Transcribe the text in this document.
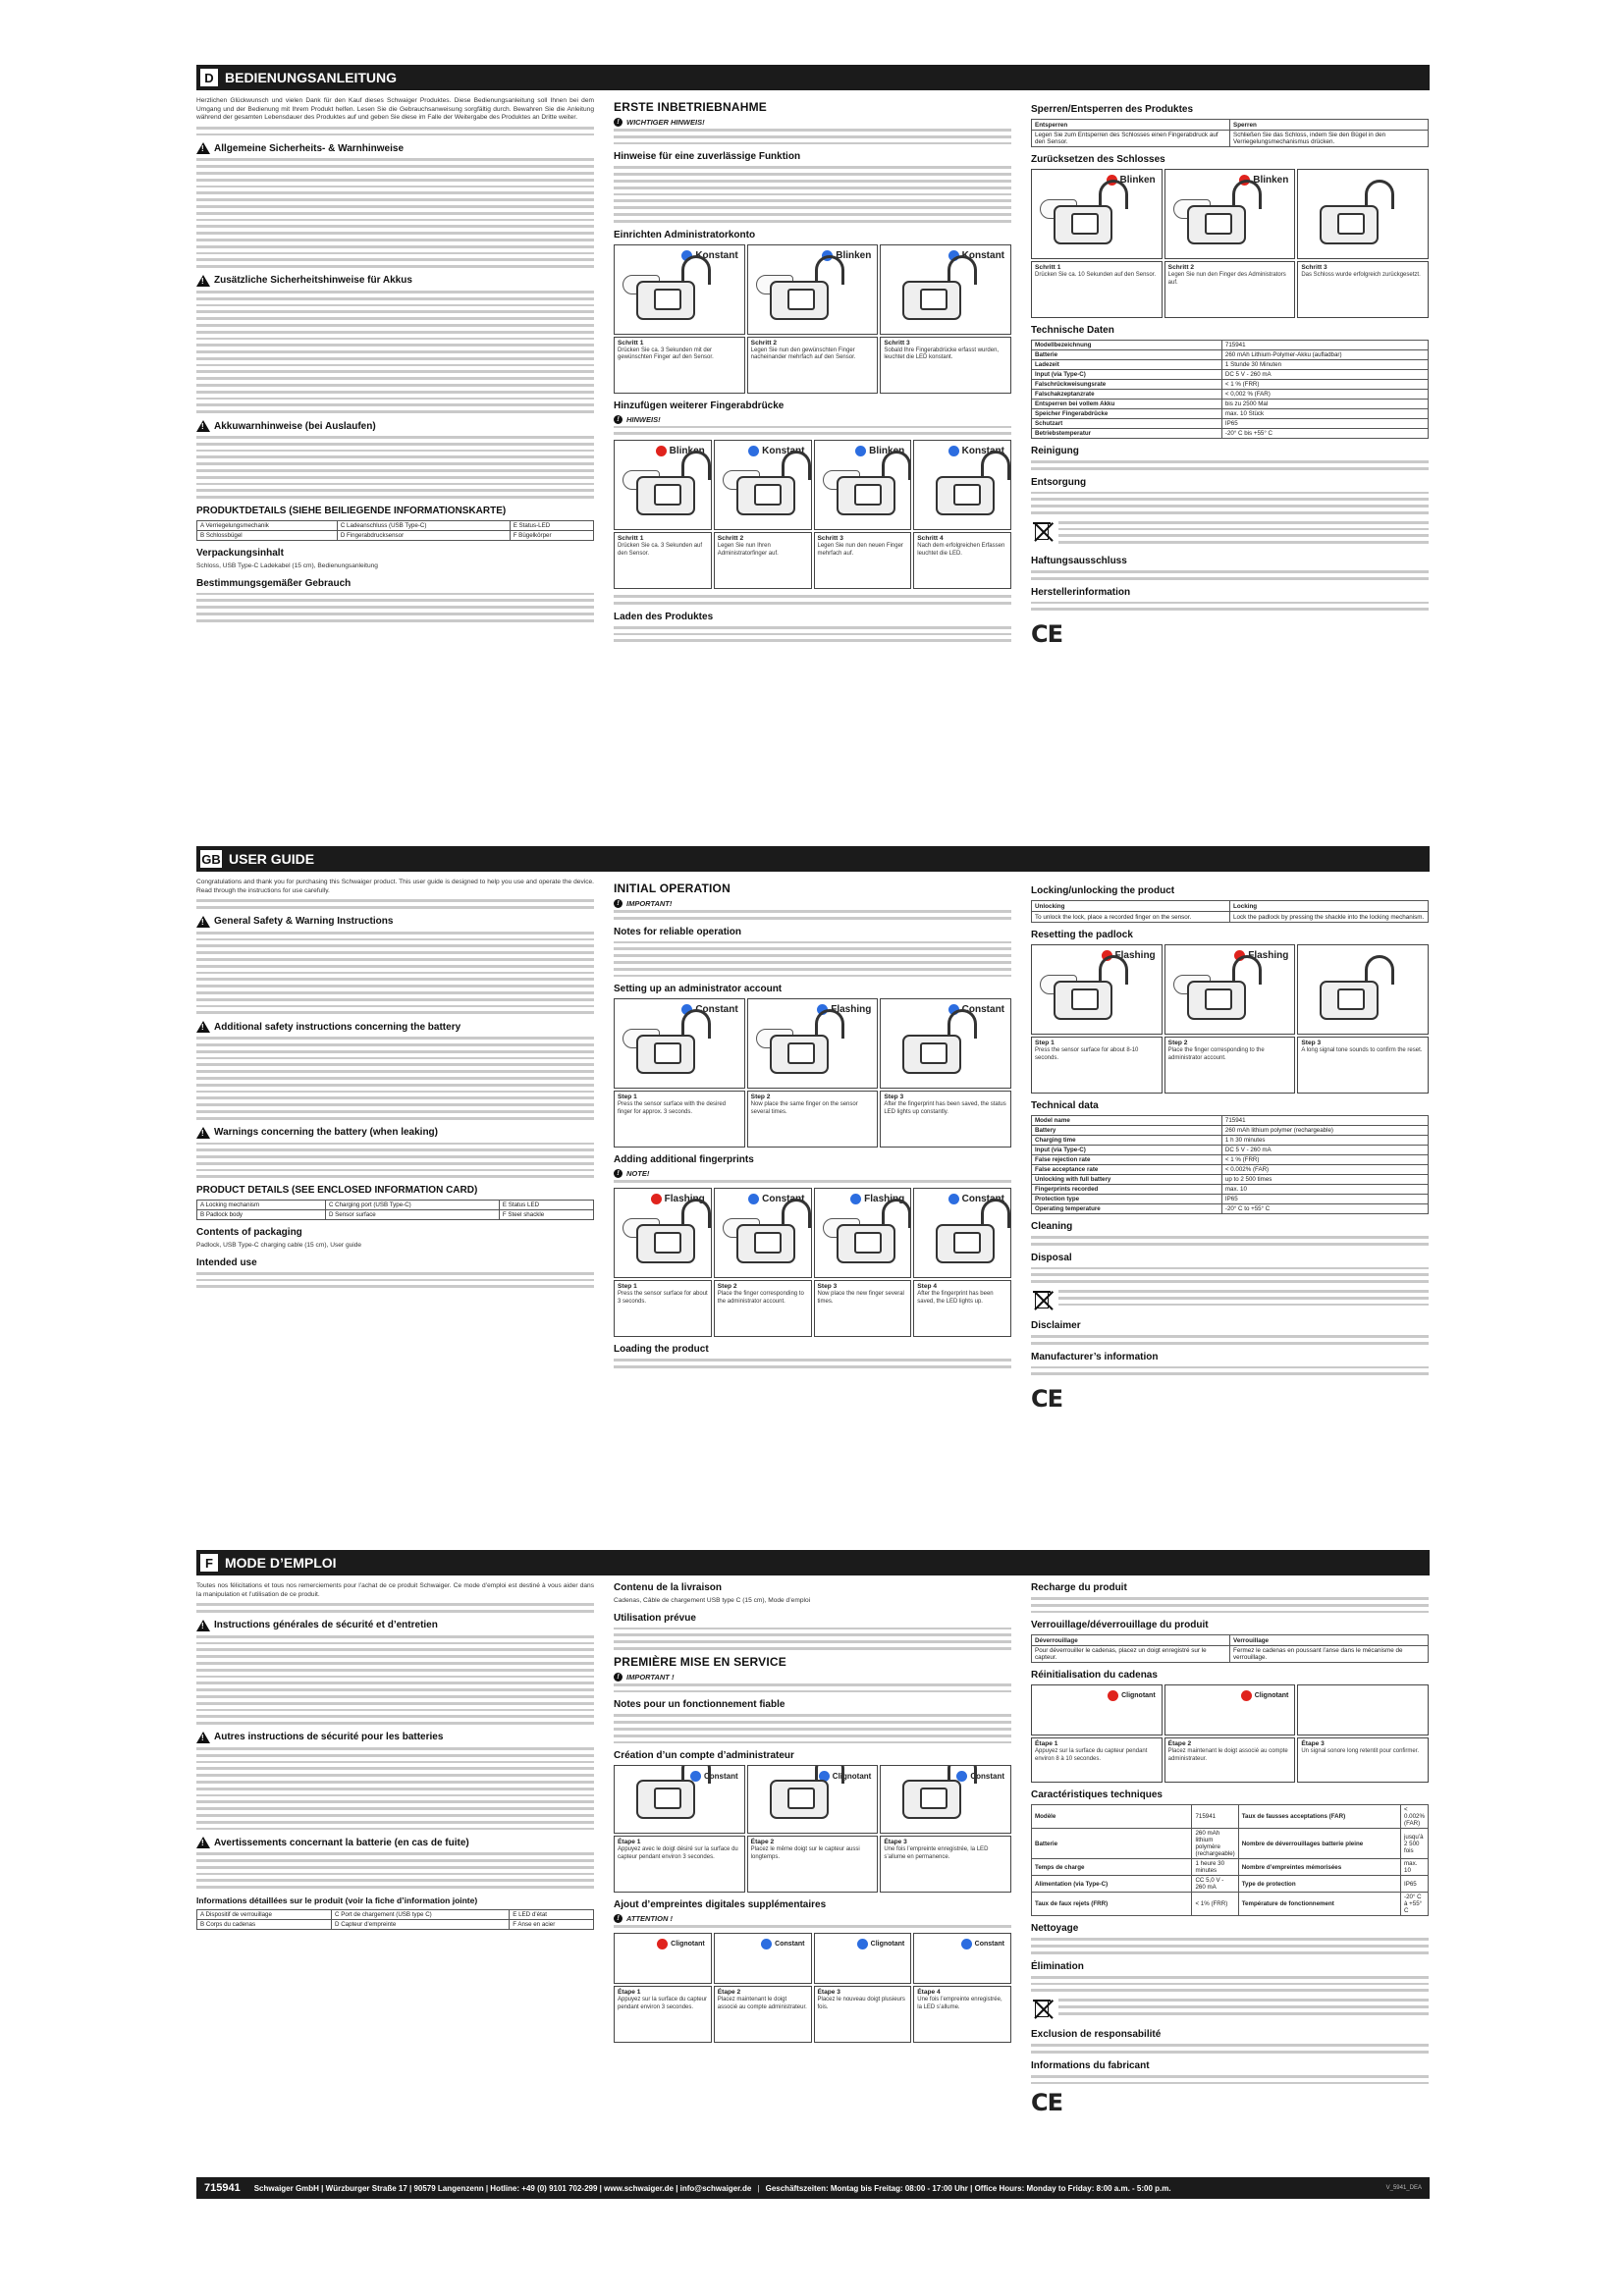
D BEDIENUNGSANLEITUNG
Herzlichen Glückwunsch und vielen Dank für den Kauf dieses Schwaiger Produktes. Diese Bedienungsanleitung soll Ihnen bei dem Umgang und der Bedienung mit Ihrem Produkt helfen. Lesen Sie die Gebrauchsanweisung sorgfältig durch. Bewahren Sie die Anleitung während der gesamten Lebensdauer des Produktes auf und geben Sie diese im Falle der Weitergabe des Produktes an Dritte weiter.
!
Allgemeine Sicherheits- & Warnhinweise
!
Zusätzliche Sicherheitshinweise für Akkus
!
Akkuwarnhinweise (bei Auslaufen)
PRODUKTDETAILS (SIEHE BEILIEGENDE INFORMATIONSKARTE)
A Verriegelungsmechanik	C Ladeanschluss (USB Type-C)	E Status-LED
B Schlossbügel	D Fingerabdrucksensor	F Bügelkörper
Verpackungsinhalt
Schloss, USB Type-C Ladekabel (15 cm), Bedienungsanleitung
Bestimmungsgemäßer Gebrauch
ERSTE INBETRIEBNAHME
! WICHTIGER HINWEIS!
Hinweise für eine zuverlässige Funktion
Einrichten Administratorkonto
Konstant	Blinken	Konstant
Schritt 1
Drücken Sie ca. 3 Sekunden mit der gewünschten Finger auf den Sensor.
Schritt 2
Legen Sie nun den gewünschten Finger nacheinander mehrfach auf den Sensor.
Schritt 3
Sobald Ihre Fingerabdrücke erfasst wurden, leuchtet die LED konstant.
Hinzufügen weiterer Fingerabdrücke
! HINWEIS!
Blinken	Konstant	Blinken	Konstant
Schritt 1
Drücken Sie ca. 3 Sekunden auf den Sensor.
Schritt 2
Legen Sie nun Ihren Administratorfinger auf.
Schritt 3
Legen Sie nun den neuen Finger mehrfach auf.
Schritt 4
Nach dem erfolgreichen Erfassen leuchtet die LED.
Laden des Produktes
Sperren/Entsperren des Produktes
Entsperren	Sperren
Legen Sie zum Entsperren des Schlosses einen Fingerabdruck auf den Sensor.	Schließen Sie das Schloss, indem Sie den Bügel in den Verriegelungsmechanismus drücken.
Zurücksetzen des Schlosses
Blinken	Blinken
Schritt 1
Drücken Sie ca. 10 Sekunden auf den Sensor.
Schritt 2
Legen Sie nun den Finger des Administrators auf.
Schritt 3
Das Schloss wurde erfolgreich zurückgesetzt.
Technische Daten
Modellbezeichnung	715941
Batterie	260 mAh Lithium-Polymer-Akku (aufladbar)
Ladezeit	1 Stunde 30 Minuten
Input (via Type-C)	DC 5 V - 260 mA
Falschrückweisungsrate	< 1 % (FRR)
Falschakzeptanzrate	< 0,002 % (FAR)
Entsperren bei vollem Akku	bis zu 2500 Mal
Speicher Fingerabdrücke	max. 10 Stück
Schutzart	IP65
Betriebstemperatur	-20° C bis +55° C
Reinigung
Entsorgung
Haftungsausschluss
Herstellerinformation
CE
GB USER GUIDE
Congratulations and thank you for purchasing this Schwaiger product. This user guide is designed to help you use and operate the device. Read through the instructions for use carefully.
!
General Safety & Warning Instructions
!
Additional safety instructions concerning the battery
!
Warnings concerning the battery (when leaking)
PRODUCT DETAILS (SEE ENCLOSED INFORMATION CARD)
A Locking mechanism	C Charging port (USB Type-C)	E Status LED
B Padlock body	D Sensor surface	F Steel shackle
Contents of packaging
Padlock, USB Type-C charging cable (15 cm), User guide
Intended use
INITIAL OPERATION
! IMPORTANT!
Notes for reliable operation
Setting up an administrator account
Constant	Flashing	Constant
Step 1
Press the sensor surface with the desired finger for approx. 3 seconds.
Step 2
Now place the same finger on the sensor several times.
Step 3
After the fingerprint has been saved, the status LED lights up constantly.
Adding additional fingerprints
! NOTE!
Flashing	Constant	Flashing	Constant
Step 1
Press the sensor surface for about 3 seconds.
Step 2
Place the finger corresponding to the administrator account.
Step 3
Now place the new finger several times.
Step 4
After the fingerprint has been saved, the LED lights up.
Loading the product
Locking/unlocking the product
Unlocking	Locking
To unlock the lock, place a recorded finger on the sensor.	Lock the padlock by pressing the shackle into the locking mechanism.
Resetting the padlock
Flashing	Flashing
Step 1
Press the sensor surface for about 8-10 seconds.
Step 2
Place the finger corresponding to the administrator account.
Step 3
A long signal tone sounds to confirm the reset.
Technical data
Model name	715941
Battery	260 mAh lithium polymer (rechargeable)
Charging time	1 h 30 minutes
Input (via Type-C)	DC 5 V - 260 mA
False rejection rate	< 1 % (FRR)
False acceptance rate	< 0.002% (FAR)
Unlocking with full battery	up to 2 500 times
Fingerprints recorded	max. 10
Protection type	IP65
Operating temperature	-20° C to +55° C
Cleaning
Disposal
Disclaimer
Manufacturer’s information
CE
F MODE D’EMPLOI
Toutes nos félicitations et tous nos remerciements pour l’achat de ce produit Schwaiger. Ce mode d’emploi est destiné à vous aider dans la manipulation et l’utilisation de ce produit.
!
Instructions générales de sécurité et d’entretien
!
Autres instructions de sécurité pour les batteries
!
Avertissements concernant la batterie (en cas de fuite)
Informations détaillées sur le produit (voir la fiche d’information jointe)
A Dispositif de verrouillage	C Port de chargement (USB type C)	E LED d’état
B Corps du cadenas	D Capteur d’empreinte	F Anse en acier
Contenu de la livraison
Cadenas, Câble de chargement USB type C (15 cm), Mode d’emploi
Utilisation prévue
PREMIÈRE MISE EN SERVICE
! IMPORTANT !
Notes pour un fonctionnement fiable
Création d’un compte d’administrateur
Constant	Clignotant	Constant
Étape 1
Appuyez avec le doigt désiré sur la surface du capteur pendant environ 3 secondes.
Étape 2
Placez le même doigt sur le capteur aussi longtemps.
Étape 3
Une fois l’empreinte enregistrée, la LED s’allume en permanence.
Ajout d’empreintes digitales supplémentaires
! ATTENTION !
Clignotant	Constant	Clignotant	Constant
Étape 1
Appuyez sur la surface du capteur pendant environ 3 secondes.
Étape 2
Placez maintenant le doigt associé au compte administrateur.
Étape 3
Placez le nouveau doigt plusieurs fois.
Étape 4
Une fois l’empreinte enregistrée, la LED s’allume.
Recharge du produit
Verrouillage/déverrouillage du produit
Déverrouillage	Verrouillage
Pour déverrouiller le cadenas, placez un doigt enregistré sur le capteur.	Fermez le cadenas en poussant l’anse dans le mécanisme de verrouillage.
Réinitialisation du cadenas
Clignotant	Clignotant
Étape 1
Appuyez sur la surface du capteur pendant environ 8 à 10 secondes.
Étape 2
Placez maintenant le doigt associé au compte administrateur.
Étape 3
Un signal sonore long retentit pour confirmer.
Caractéristiques techniques
Modèle	715941	Taux de fausses acceptations (FAR)	< 0.002% (FAR)
Batterie	260 mAh lithium polymère (rechargeable)	Nombre de déverrouillages batterie pleine	jusqu’à 2 500 fois
Temps de charge	1 heure 30 minutes	Nombre d’empreintes mémorisées	max. 10
Alimentation (via Type-C)	CC 5,0 V - 260 mA	Type de protection	IP65
Taux de faux rejets (FRR)	< 1% (FRR)	Température de fonctionnement	-20° C à +55° C
Nettoyage
Élimination
Exclusion de responsabilité
Informations du fabricant
CE
715941 Schwaiger GmbH | Würzburger Straße 17 | 90579 Langenzenn | Hotline: +49 (0) 9101 702-299 | www.schwaiger.de | info@schwaiger.de | Geschäftszeiten: Montag bis Freitag: 08:00 - 17:00 Uhr | Office Hours: Monday to Friday: 8:00 a.m. - 5:00 p.m.	V_5941_DEA
